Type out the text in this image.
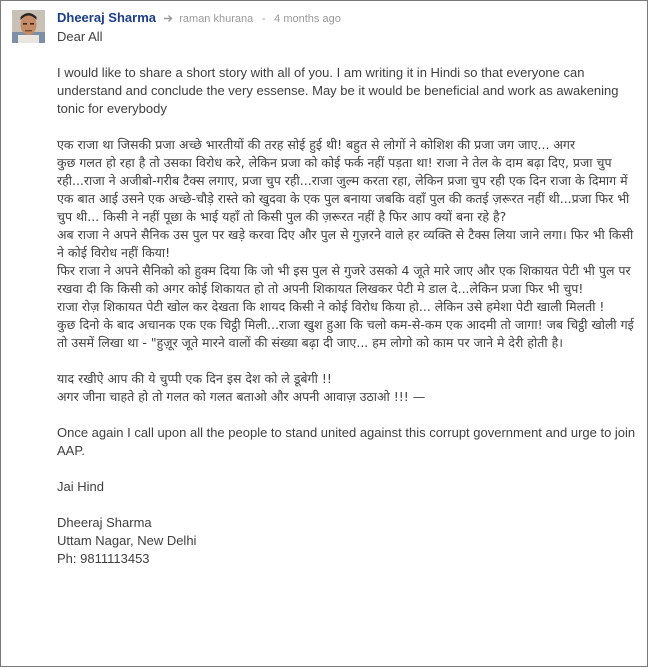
Dheeraj Sharma raman khurana - 4 months ago

Dear All

I would like to share a short story with all of you. I am writing it in Hindi so that everyone can understand and conclude the very essense. May be it would be beneficial and work as awakening tonic for everybody

एक राजा था जिसकी प्रजा अच्छे भारतीयों की तरह सोई हुई थी! बहुत से लोगों ने कोशिश की प्रजा जग जाए... अगर
कुछ गलत हो रहा है तो उसका विरोध करे, लेकिन प्रजा को कोई फर्क नहीं पड़ता था! राजा ने तेल के दाम बढ़ा दिए, प्रजा चुप रही...राजा ने अजीबो-गरीब टैक्स लगाए, प्रजा चुप रही...राजा जुल्म करता रहा, लेकिन प्रजा चुप रही एक दिन राजा के दिमाग में एक बात आई उसने एक अच्छे-चौड़े रास्ते को खुदवा के एक पुल बनाया जबकि वहाँ पुल की कतई ज़रूरत नहीं थी...प्रजा फिर भी चुप थी... किसी ने नहीं पूछा के भाई यहाँ तो किसी पुल की ज़रूरत नहीं है फिर आप क्यों बना रहे है?
अब राजा ने अपने सैनिक उस पुल पर खड़े करवा दिए और पुल से गुज़रने वाले हर व्यक्ति से टैक्स लिया जाने लगा। फिर भी किसी ने कोई विरोध नहीं किया!
फिर राजा ने अपने सैनिको को हुक्म दिया कि जो भी इस पुल से गुजरे उसको 4 जूते मारे जाए और एक शिकायत पेटी भी पुल पर रखवा दी कि किसी को अगर कोई शिकायत हो तो अपनी शिकायत लिखकर पेटी मे डाल दे...लेकिन प्रजा फिर भी चुप!
राजा रोज़ शिकायत पेटी खोल कर देखता कि शायद किसी ने कोई विरोध किया हो... लेकिन उसे हमेशा पेटी खाली मिलती !
कुछ दिनो के बाद अचानक एक एक चिट्ठी मिली...राजा खुश हुआ कि चलो कम-से-कम एक आदमी तो जागा! जब चिट्ठी खोली गई तो उसमें लिखा था - "हुज़ूर जूते मारने वालों की संख्या बढ़ा दी जाए... हम लोगो को काम पर जाने मे देरी होती है।

याद रखीऐ आप की ये चुप्पी एक दिन इस देश को ले डूबेगी !!
अगर जीना चाहते हो तो गलत को गलत बताओ और अपनी आवाज़ उठाओ !!! —

Once again I call upon all the people to stand united against this corrupt government and urge to join AAP.

Jai Hind

Dheeraj Sharma
Uttam Nagar, New Delhi
Ph: 9811113453
